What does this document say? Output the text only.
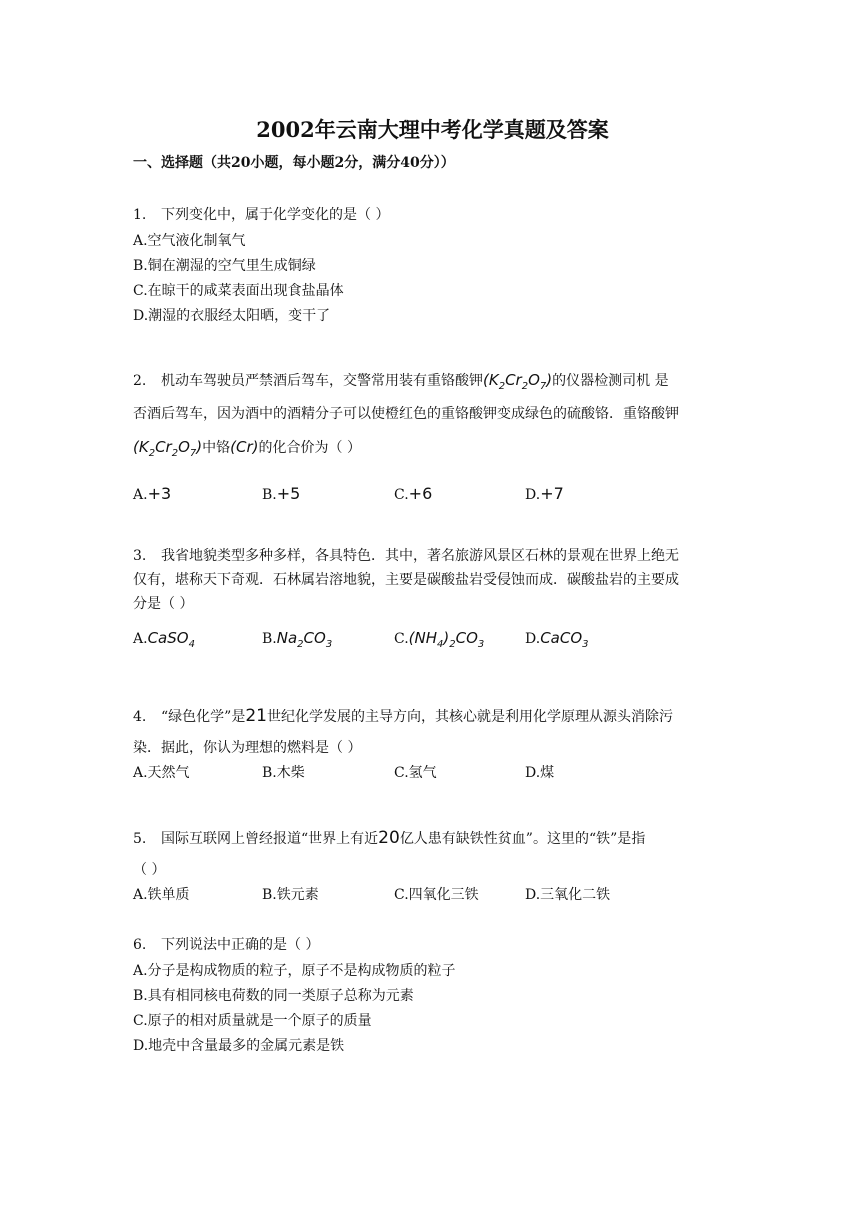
2002年云南大理中考化学真题及答案
一、选择题（共20小题，每小题2分，满分40分））
1. 下列变化中，属于化学变化的是（ ）
A.空气液化制氧气
B.铜在潮湿的空气里生成铜绿
C.在晾干的咸菜表面出现食盐晶体
D.潮湿的衣服经太阳晒，变干了
2. 机动车驾驶员严禁酒后驾车，交警常用装有重铬酸钾$(K_2Cr_2O_7)$的仪器检测司机 是
否酒后驾车，因为酒中的酒精分子可以使橙红色的重铬酸钾变成绿色的硫酸铬．重铬酸钾
$(K_2Cr_2O_7)$中铬(Cr)的化合价为（ ）
A.+3	B.+5	C.+6	D.+7
3. 我省地貌类型多种多样，各具特色．其中，著名旅游风景区石林的景观在世界上绝无
仅有，堪称天下奇观．石林属岩溶地貌，主要是碳酸盐岩受侵蚀而成．碳酸盐岩的主要成
分是（ ）
A.CaSO$_4$	$B.Na_2CO_3$	$C.(NH_4)_2CO_3$	D.CaCO$_3$
4. “绿色化学”是21世纪化学发展的主导方向，其核心就是利用化学原理从源头消除污
染．据此，你认为理想的燃料是（ ）
A.天然气	B.木柴	C.氢气	D.煤
5. 国际互联网上曾经报道“世界上有近20亿人患有缺铁性贫血”。这里的“铁”是指
（ ）
A.铁单质	B.铁元素	C.四氧化三铁	D.三氧化二铁
6. 下列说法中正确的是（ ）
A.分子是构成物质的粒子，原子不是构成物质的粒子
B.具有相同核电荷数的同一类原子总称为元素
C.原子的相对质量就是一个原子的质量
D.地壳中含量最多的金属元素是铁
